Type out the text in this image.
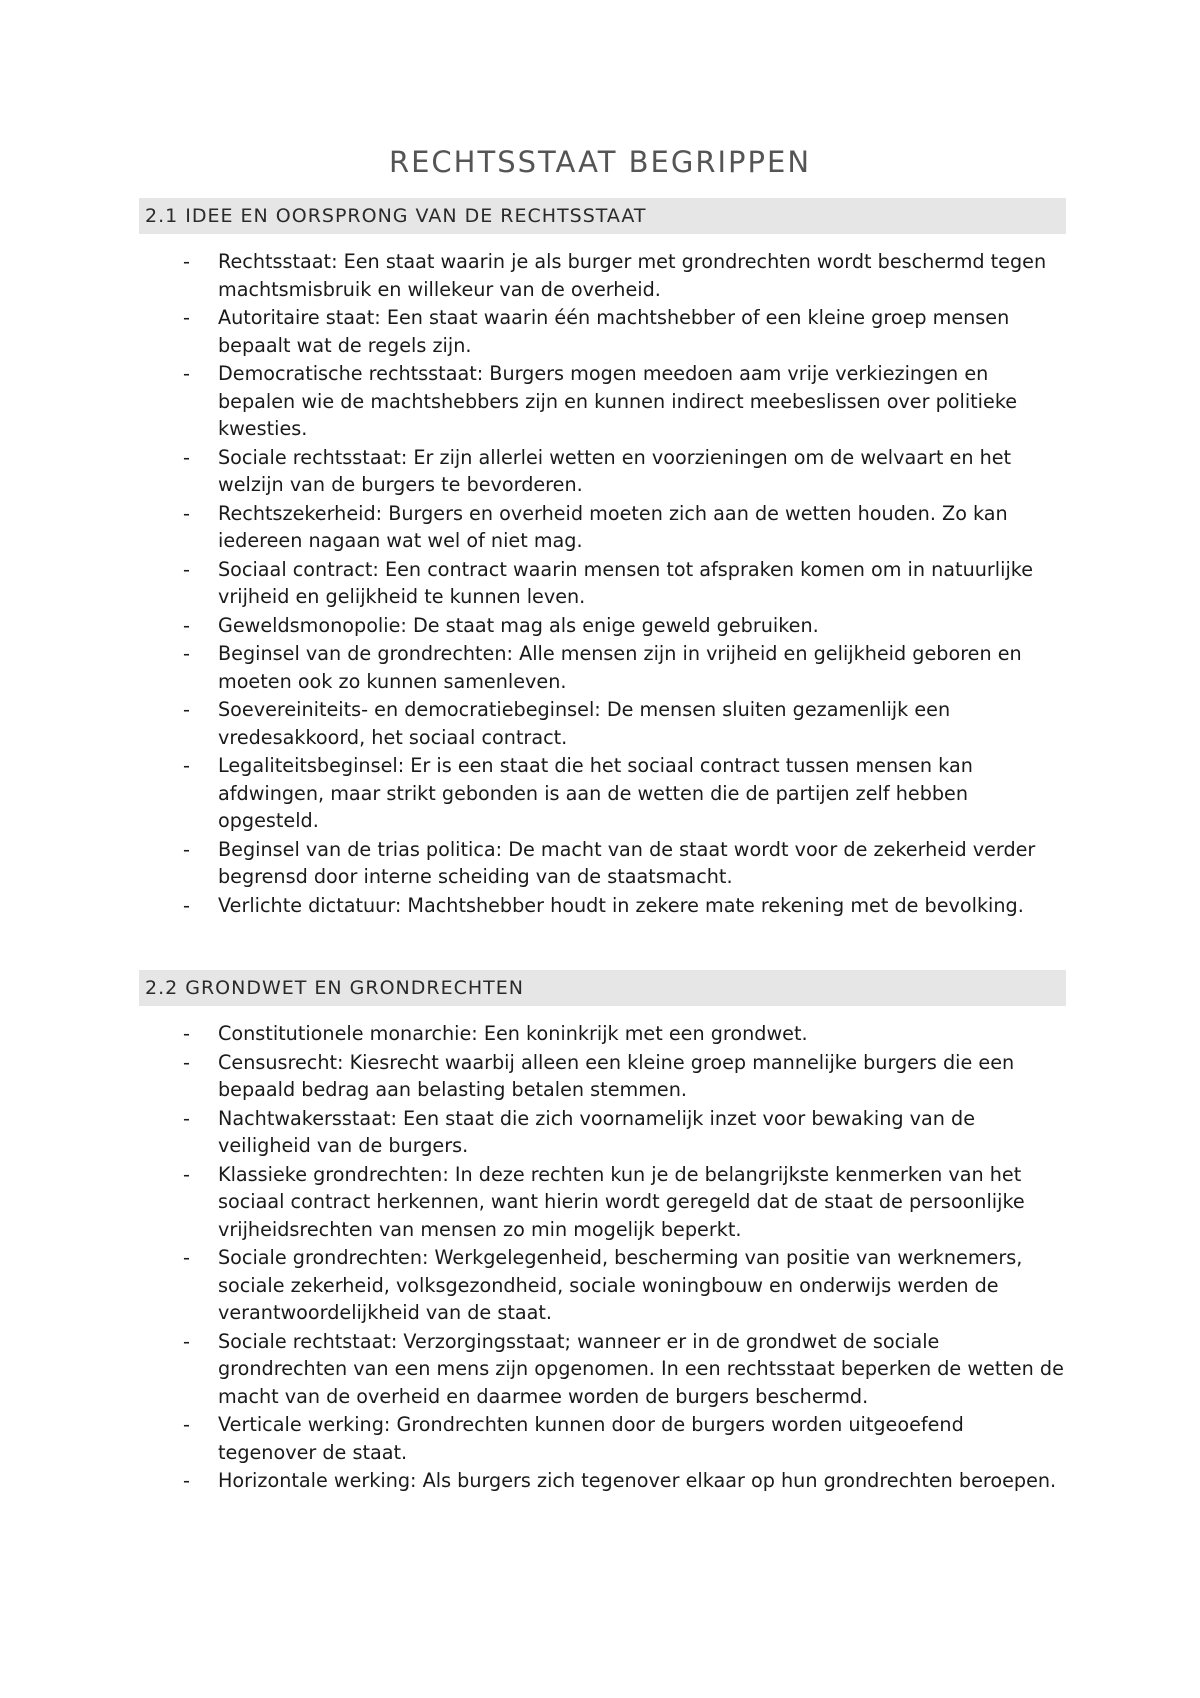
RECHTSSTAAT BEGRIPPEN
2.1 IDEE EN OORSPRONG VAN DE RECHTSSTAAT
- Rechtsstaat: Een staat waarin je als burger met grondrechten wordt beschermd tegen machtsmisbruik en willekeur van de overheid.
- Autoritaire staat: Een staat waarin één machtshebber of een kleine groep mensen bepaalt wat de regels zijn.
- Democratische rechtsstaat: Burgers mogen meedoen aam vrije verkiezingen en bepalen wie de machtshebbers zijn en kunnen indirect meebeslissen over politieke kwesties.
- Sociale rechtsstaat: Er zijn allerlei wetten en voorzieningen om de welvaart en het welzijn van de burgers te bevorderen.
- Rechtszekerheid: Burgers en overheid moeten zich aan de wetten houden. Zo kan iedereen nagaan wat wel of niet mag.
- Sociaal contract: Een contract waarin mensen tot afspraken komen om in natuurlijke vrijheid en gelijkheid te kunnen leven.
- Geweldsmonopolie: De staat mag als enige geweld gebruiken.
- Beginsel van de grondrechten: Alle mensen zijn in vrijheid en gelijkheid geboren en moeten ook zo kunnen samenleven.
- Soevereiniteits- en democratiebeginsel: De mensen sluiten gezamenlijk een vredesakkoord, het sociaal contract.
- Legaliteitsbeginsel: Er is een staat die het sociaal contract tussen mensen kan afdwingen, maar strikt gebonden is aan de wetten die de partijen zelf hebben opgesteld.
- Beginsel van de trias politica: De macht van de staat wordt voor de zekerheid verder begrensd door interne scheiding van de staatsmacht.
- Verlichte dictatuur: Machtshebber houdt in zekere mate rekening met de bevolking.
2.2 GRONDWET EN GRONDRECHTEN
- Constitutionele monarchie: Een koninkrijk met een grondwet.
- Censusrecht: Kiesrecht waarbij alleen een kleine groep mannelijke burgers die een bepaald bedrag aan belasting betalen stemmen.
- Nachtwakersstaat: Een staat die zich voornamelijk inzet voor bewaking van de veiligheid van de burgers.
- Klassieke grondrechten: In deze rechten kun je de belangrijkste kenmerken van het sociaal contract herkennen, want hierin wordt geregeld dat de staat de persoonlijke vrijheidsrechten van mensen zo min mogelijk beperkt.
- Sociale grondrechten: Werkgelegenheid, bescherming van positie van werknemers, sociale zekerheid, volksgezondheid, sociale woningbouw en onderwijs werden de verantwoordelijkheid van de staat.
- Sociale rechtstaat: Verzorgingsstaat; wanneer er in de grondwet de sociale grondrechten van een mens zijn opgenomen. In een rechtsstaat beperken de wetten de macht van de overheid en daarmee worden de burgers beschermd.
- Verticale werking: Grondrechten kunnen door de burgers worden uitgeoefend tegenover de staat.
- Horizontale werking: Als burgers zich tegenover elkaar op hun grondrechten beroepen.
